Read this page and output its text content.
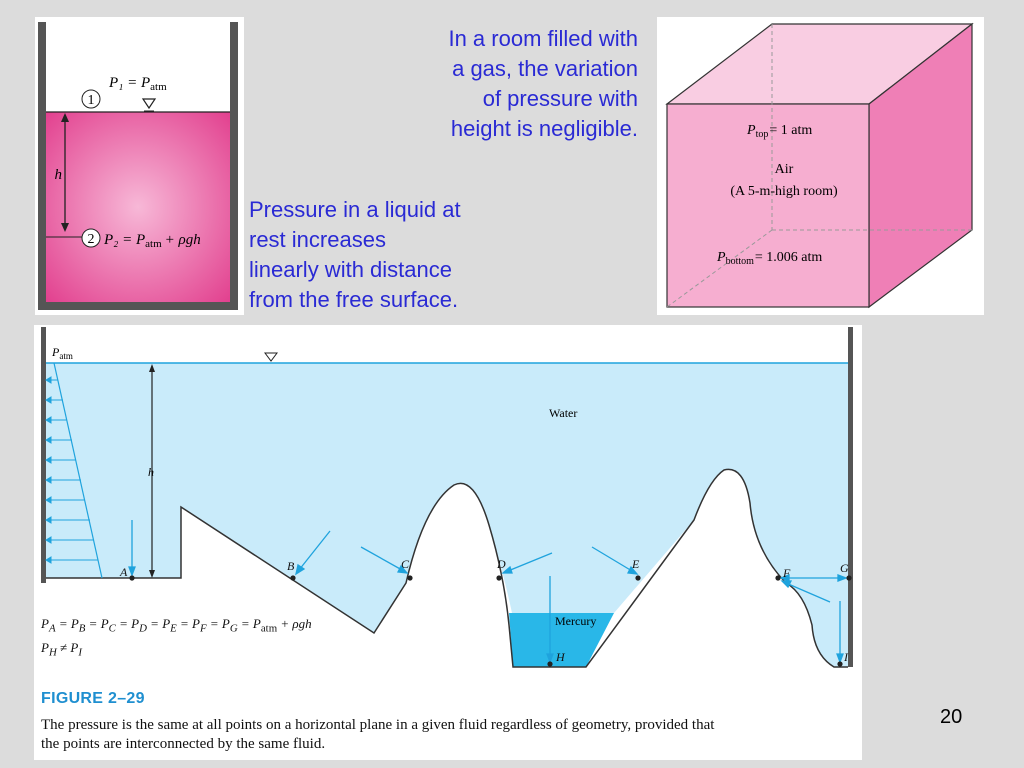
1
2
$P_1 = P_{atm}$
$P_2 = P_{atm} + \rho gh$
h
In a room filled with
a gas, the variation
of pressure with
height is negligible.
Pressure in a liquid at
rest increases
linearly with distance
from the free surface.
$P_{top}= 1$ atm
Air
(A 5-m-high room)
$P_{bottom}= 1.006$ atm
A	B	C	D	E
F	G
H	I
$P_{atm}$
Water
Mercury
h
$P_A = P_B = P_C = P_D = P_E = P_F = P_G = P_{atm} + \rho gh$
$P_H \ne P_I$
FIGURE 2–29
The pressure is the same at all points on a horizontal plane in a given fluid regardless of geometry, provided that
the points are interconnected by the same fluid.
20
